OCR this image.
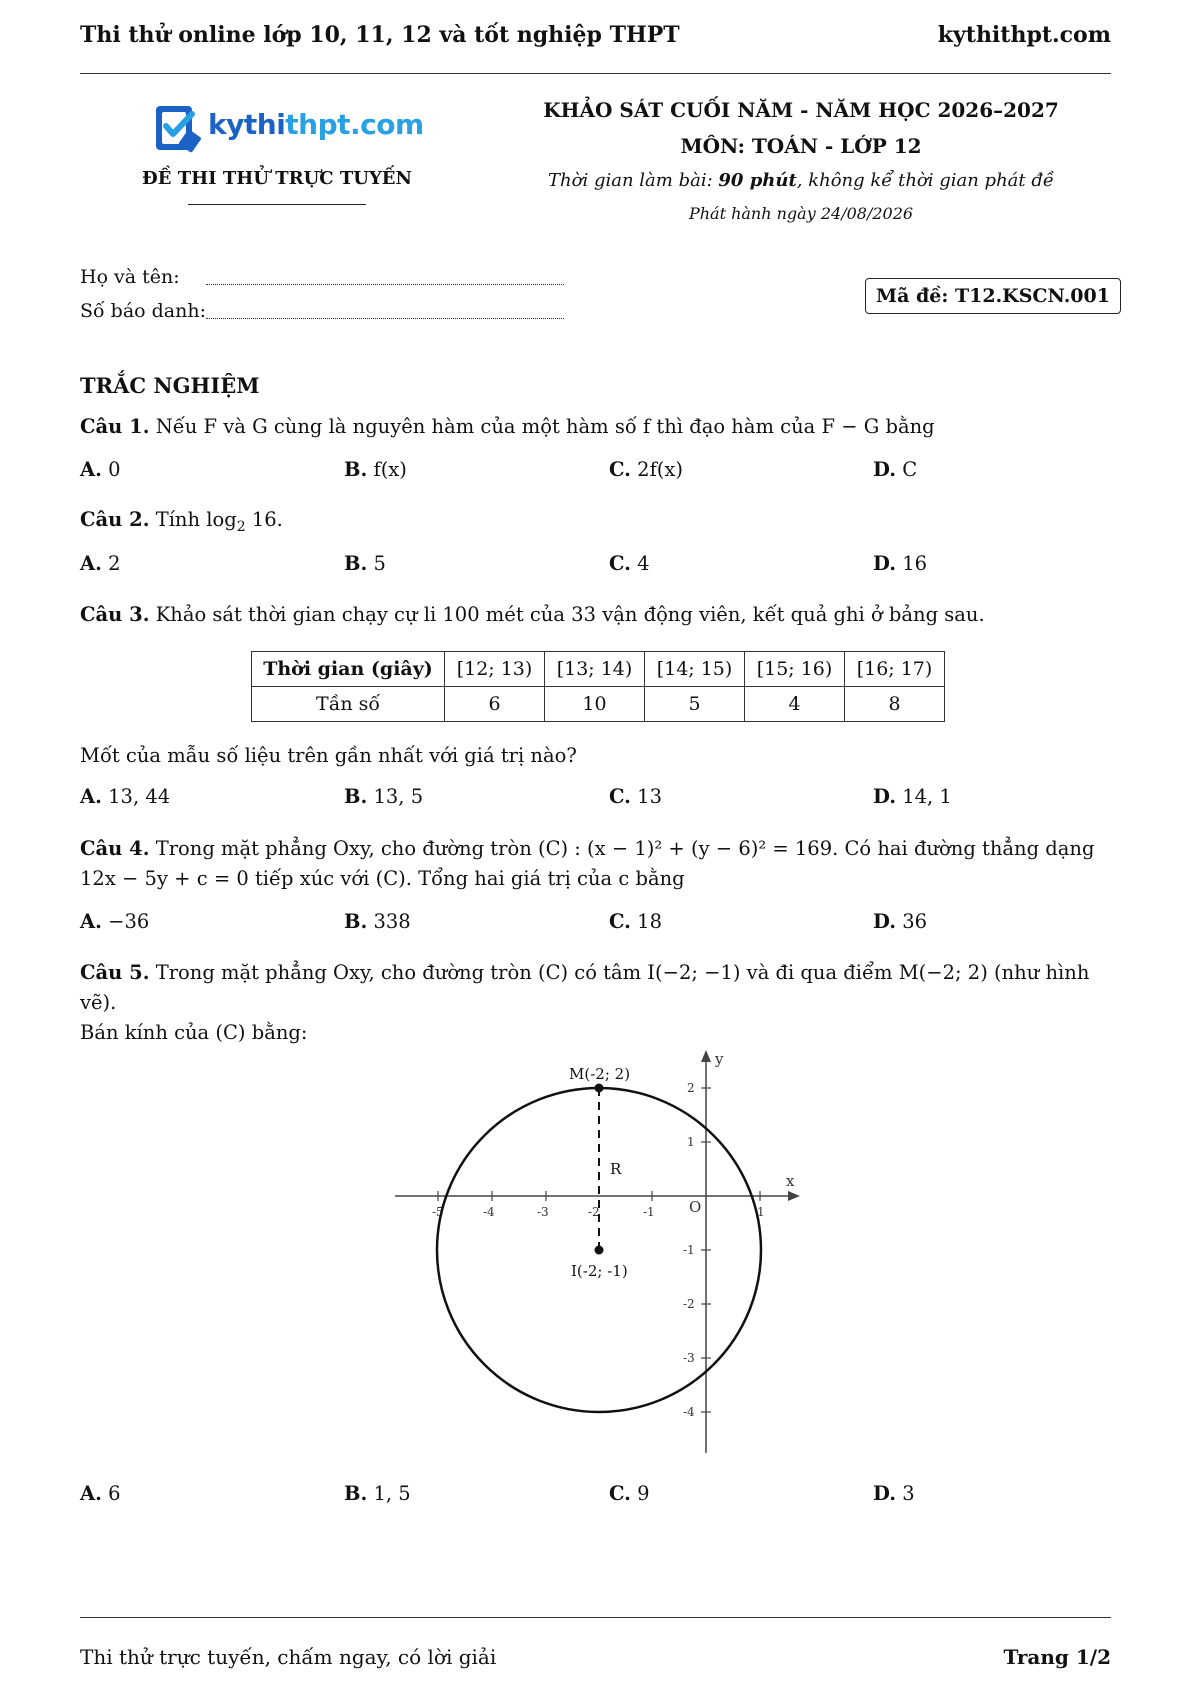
Thi thử online lớp 10, 11, 12 và tốt nghiệp THPT	kythithpt.com
kythithpt.com
ĐỀ THI THỬ TRỰC TUYẾN
KHẢO SÁT CUỐI NĂM - NĂM HỌC 2026–2027
MÔN: TOÁN - LỚP 12
Thời gian làm bài: 90 phút, không kể thời gian phát đề
Phát hành ngày 24/08/2026
Họ và tên:
Số báo danh:
Mã đề: T12.KSCN.001
TRẮC NGHIỆM
Câu 1. Nếu F và G cùng là nguyên hàm của một hàm số f thì đạo hàm của F − G bằng
A. 0	B. f(x)	C. 2f(x)	D. C
Câu 2. Tính $\log_2 16$.
A. 2	B. 5	C. 4	D. 16
Câu 3. Khảo sát thời gian chạy cự li 100 mét của 33 vận động viên, kết quả ghi ở bảng sau.
Thời gian (giây)	[12; 13)	[13; 14)	[14; 15)	[15; 16)	[16; 17)
Tần số	6	10	5	4	8
Mốt của mẫu số liệu trên gần nhất với giá trị nào?
A. 13, 44	B. 13, 5	C. 13	D. 14, 1
Câu 4. Trong mặt phẳng Oxy, cho đường tròn (C) : (x − 1)² + (y − 6)² = 169. Có hai đường thẳng dạng
12x − 5y + c = 0 tiếp xúc với (C). Tổng hai giá trị của c bằng
A. −36	B. 338	C. 18	D. 36
Câu 5. Trong mặt phẳng Oxy, cho đường tròn (C) có tâm I(−2; −1) và đi qua điểm M(−2; 2) (như hình vẽ).
Bán kính của (C) bằng:
-5	-4	-3	-2	-1	1
2
1
-1
-2
-3
-4
O
x
y
M(-2; 2)
I(-2; -1)
R
A. 6	B. 1, 5	C. 9	D. 3
Thi thử trực tuyến, chấm ngay, có lời giải	Trang 1/2
